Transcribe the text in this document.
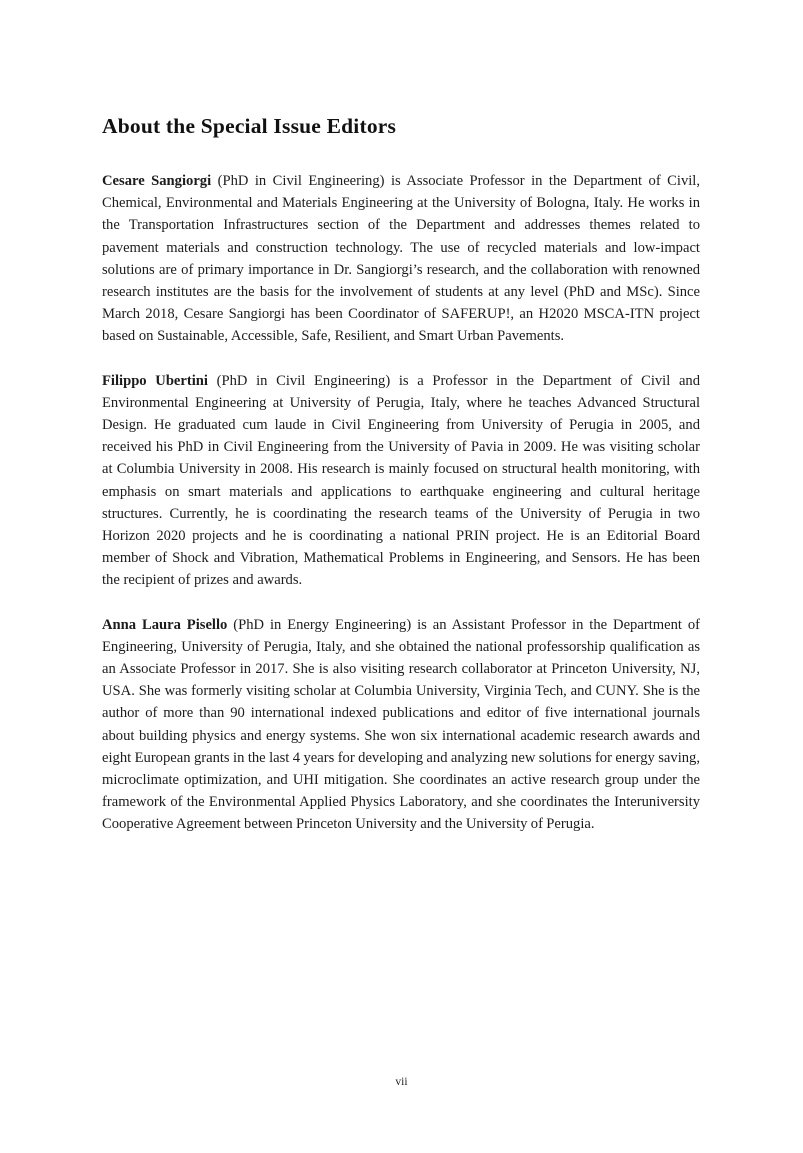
About the Special Issue Editors

Cesare Sangiorgi (PhD in Civil Engineering) is Associate Professor in the Department of Civil, Chemical, Environmental and Materials Engineering at the University of Bologna, Italy. He works in the Transportation Infrastructures section of the Department and addresses themes related to pavement materials and construction technology. The use of recycled materials and low-impact solutions are of primary importance in Dr. Sangiorgi’s research, and the collaboration with renowned research institutes are the basis for the involvement of students at any level (PhD and MSc). Since March 2018, Cesare Sangiorgi has been Coordinator of SAFERUP!, an H2020 MSCA-ITN project based on Sustainable, Accessible, Safe, Resilient, and Smart Urban Pavements.

Filippo Ubertini (PhD in Civil Engineering) is a Professor in the Department of Civil and Environmental Engineering at University of Perugia, Italy, where he teaches Advanced Structural Design. He graduated cum laude in Civil Engineering from University of Perugia in 2005, and received his PhD in Civil Engineering from the University of Pavia in 2009. He was visiting scholar at Columbia University in 2008. His research is mainly focused on structural health monitoring, with emphasis on smart materials and applications to earthquake engineering and cultural heritage structures. Currently, he is coordinating the research teams of the University of Perugia in two Horizon 2020 projects and he is coordinating a national PRIN project. He is an Editorial Board member of Shock and Vibration, Mathematical Problems in Engineering, and Sensors. He has been the recipient of prizes and awards.

Anna Laura Pisello (PhD in Energy Engineering) is an Assistant Professor in the Department of Engineering, University of Perugia, Italy, and she obtained the national professorship qualification as an Associate Professor in 2017. She is also visiting research collaborator at Princeton University, NJ, USA. She was formerly visiting scholar at Columbia University, Virginia Tech, and CUNY. She is the author of more than 90 international indexed publications and editor of five international journals about building physics and energy systems. She won six international academic research awards and eight European grants in the last 4 years for developing and analyzing new solutions for energy saving, microclimate optimization, and UHI mitigation. She coordinates an active research group under the framework of the Environmental Applied Physics Laboratory, and she coordinates the Interuniversity Cooperative Agreement between Princeton University and the University of Perugia.

vii
